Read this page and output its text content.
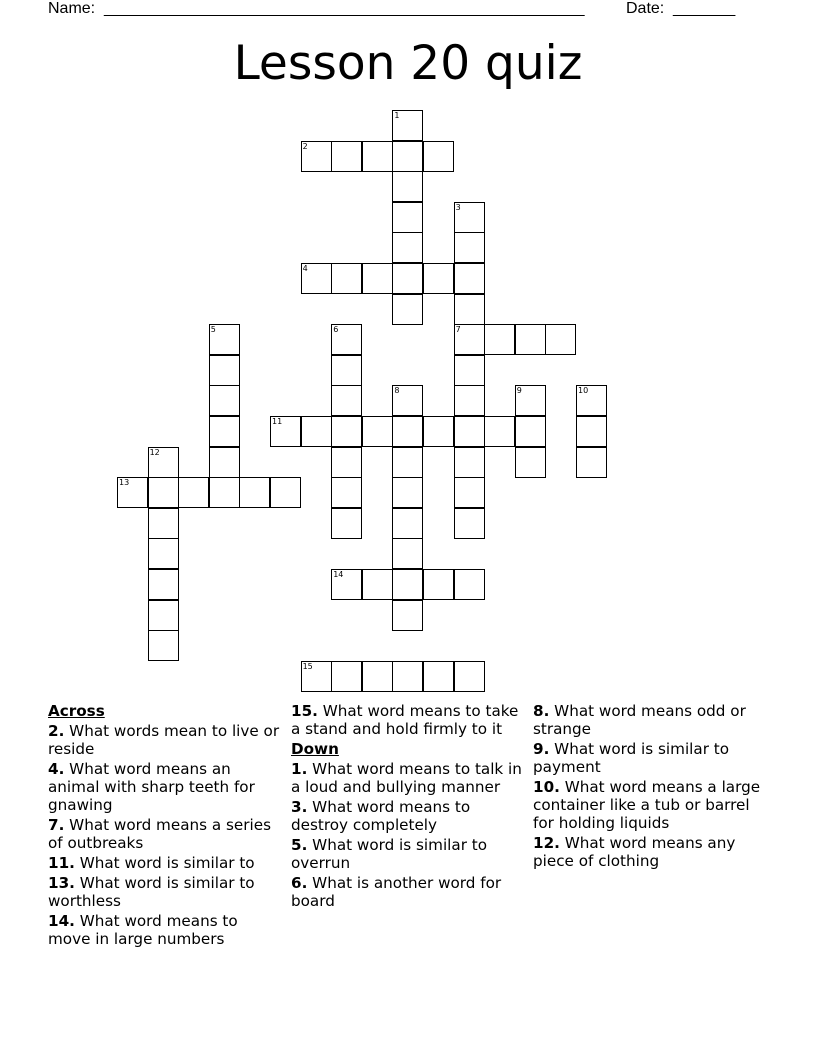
Name: ______________________________________________________	Date: _______
Lesson 20 quiz
1
2
3
7
4
5	6
8	9	10
11
12
13
14
15
Across
2. What words mean to live or reside
4. What word means an animal with sharp teeth for gnawing
7. What word means a series of outbreaks
11. What word is similar to
13. What word is similar to worthless
14. What word means to move in large numbers
15. What word means to take a stand and hold firmly to it
Down
1. What word means to talk in a loud and bullying manner
3. What word means to destroy completely
5. What word is similar to overrun
6. What is another word for board
8. What word means odd or strange
9. What word is similar to payment
10. What word means a large container like a tub or barrel for holding liquids
12. What word means any piece of clothing
